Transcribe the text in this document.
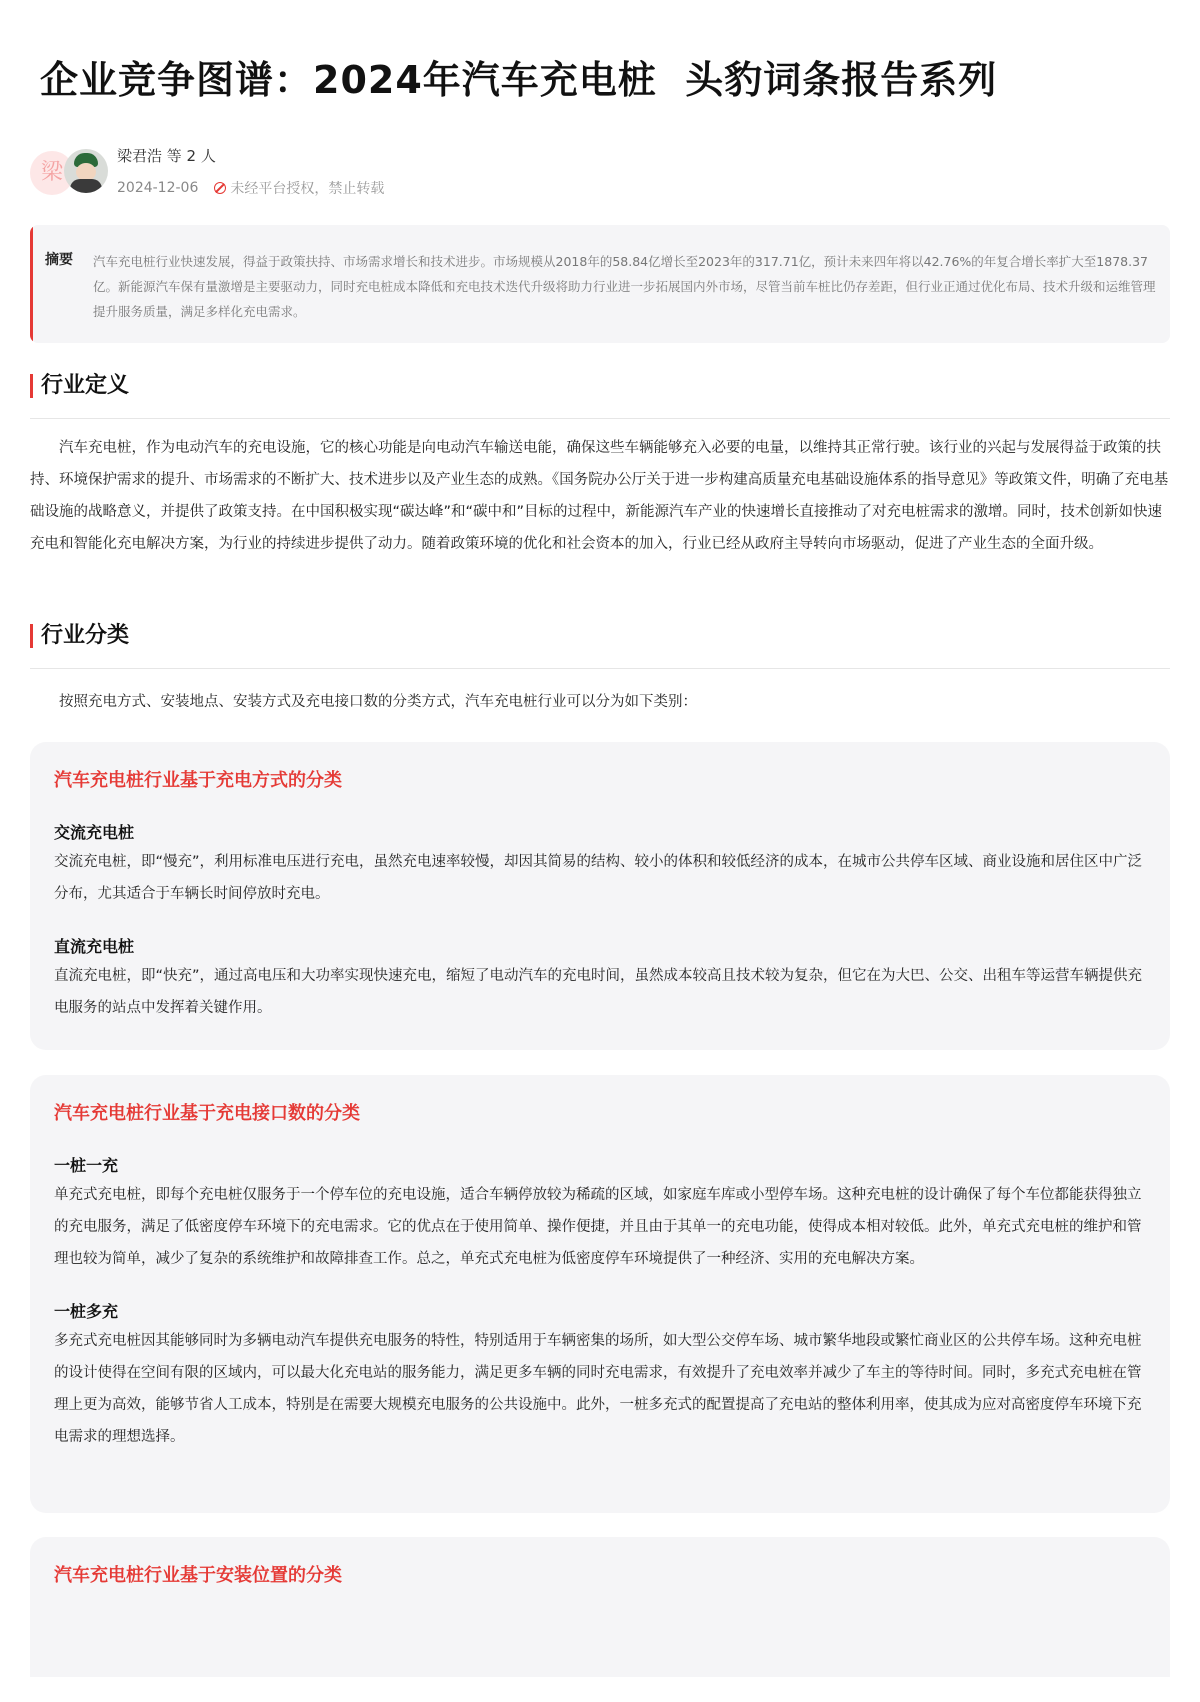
企业竞争图谱：2024年汽车充电桩  头豹词条报告系列
梁
梁君浩 等 2 人
2024-12-06 未经平台授权，禁止转载
摘要 汽车充电桩行业快速发展，得益于政策扶持、市场需求增长和技术进步。市场规模从2018年的58.84亿增长至2023年的317.71亿，预计未来四年将以42.76%的年复合增长率扩大至1878.37亿。新能源汽车保有量激增是主要驱动力，同时充电桩成本降低和充电技术迭代升级将助力行业进一步拓展国内外市场，尽管当前车桩比仍存差距，但行业正通过优化布局、技术升级和运维管理提升服务质量，满足多样化充电需求。
行业定义

汽车充电桩，作为电动汽车的充电设施，它的核心功能是向电动汽车输送电能，确保这些车辆能够充入必要的电量，以维持其正常行驶。该行业的兴起与发展得益于政策的扶持、环境保护需求的提升、市场需求的不断扩大、技术进步以及产业生态的成熟。《国务院办公厅关于进一步构建高质量充电基础设施体系的指导意见》等政策文件，明确了充电基础设施的战略意义，并提供了政策支持。在中国积极实现“碳达峰”和“碳中和”目标的过程中，新能源汽车产业的快速增长直接推动了对充电桩需求的激增。同时，技术创新如快速充电和智能化充电解决方案，为行业的持续进步提供了动力。随着政策环境的优化和社会资本的加入，行业已经从政府主导转向市场驱动，促进了产业生态的全面升级。

行业分类

按照充电方式、安装地点、安装方式及充电接口数的分类方式，汽车充电桩行业可以分为如下类别：

汽车充电桩行业基于充电方式的分类
交流充电桩
交流充电桩，即“慢充”，利用标准电压进行充电，虽然充电速率较慢，却因其简易的结构、较小的体积和较低经济的成本，在城市公共停车区域、商业设施和居住区中广泛分布，尤其适合于车辆长时间停放时充电。
直流充电桩
直流充电桩，即“快充”，通过高电压和大功率实现快速充电，缩短了电动汽车的充电时间，虽然成本较高且技术较为复杂，但它在为大巴、公交、出租车等运营车辆提供充电服务的站点中发挥着关键作用。
汽车充电桩行业基于充电接口数的分类
一桩一充
单充式充电桩，即每个充电桩仅服务于一个停车位的充电设施，适合车辆停放较为稀疏的区域，如家庭车库或小型停车场。这种充电桩的设计确保了每个车位都能获得独立的充电服务，满足了低密度停车环境下的充电需求。它的优点在于使用简单、操作便捷，并且由于其单一的充电功能，使得成本相对较低。此外，单充式充电桩的维护和管理也较为简单，减少了复杂的系统维护和故障排查工作。总之，单充式充电桩为低密度停车环境提供了一种经济、实用的充电解决方案。
一桩多充
多充式充电桩因其能够同时为多辆电动汽车提供充电服务的特性，特别适用于车辆密集的场所，如大型公交停车场、城市繁华地段或繁忙商业区的公共停车场。这种充电桩的设计使得在空间有限的区域内，可以最大化充电站的服务能力，满足更多车辆的同时充电需求，有效提升了充电效率并减少了车主的等待时间。同时，多充式充电桩在管理上更为高效，能够节省人工成本，特别是在需要大规模充电服务的公共设施中。此外，一桩多充式的配置提高了充电站的整体利用率，使其成为应对高密度停车环境下充电需求的理想选择。
汽车充电桩行业基于安装位置的分类
